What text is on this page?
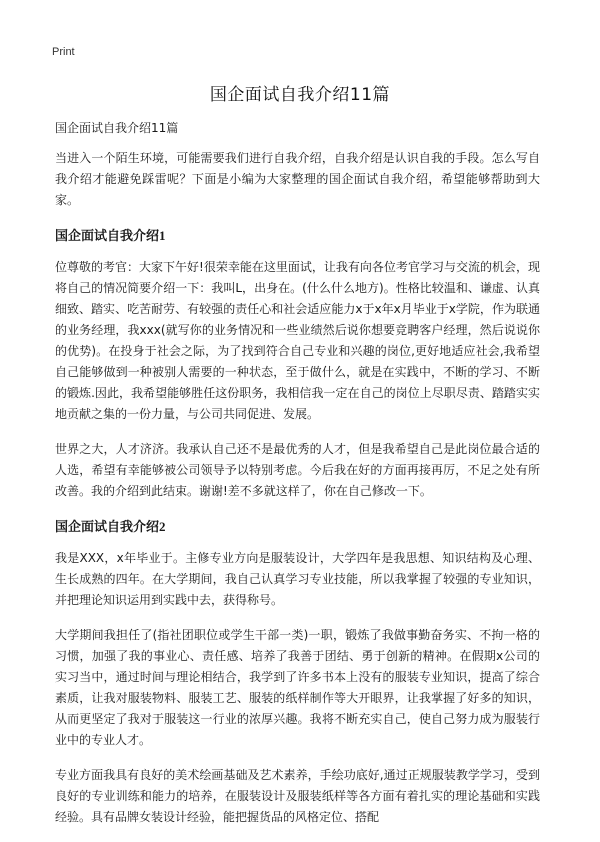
Print
国企面试自我介绍11篇

国企面试自我介绍11篇

当进入一个陌生环境，可能需要我们进行自我介绍，自我介绍是认识自我的手段。怎么写自我介绍才能避免踩雷呢？下面是小编为大家整理的国企面试自我介绍，希望能够帮助到大家。

国企面试自我介绍1

位尊敬的考官：大家下午好!很荣幸能在这里面试，让我有向各位考官学习与交流的机会，现将自己的情况简要介绍一下：我叫L，出身在。(什么什么地方)。性格比较温和、谦虚、认真细致、踏实、吃苦耐劳、有较强的责任心和社会适应能力x于x年x月毕业于x学院，作为联通的业务经理，我xxx(就写你的业务情况和一些业绩然后说你想要竞聘客户经理，然后说说你的优势)。在投身于社会之际，为了找到符合自己专业和兴趣的岗位,更好地适应社会,我希望自己能够做到一种被别人需要的一种状态，至于做什么，就是在实践中，不断的学习、不断的锻炼.因此，我希望能够胜任这份职务，我相信我一定在自己的岗位上尽职尽责、踏踏实实地贡献之集的一份力量，与公司共同促进、发展。

世界之大，人才济济。我承认自己还不是最优秀的人才，但是我希望自己是此岗位最合适的人选，希望有幸能够被公司领导予以特别考虑。今后我在好的方面再接再厉，不足之处有所改善。我的介绍到此结束。谢谢!差不多就这样了，你在自己修改一下。

国企面试自我介绍2

我是XXX，x年毕业于。主修专业方向是服装设计，大学四年是我思想、知识结构及心理、生长成熟的四年。在大学期间，我自己认真学习专业技能，所以我掌握了较强的专业知识，并把理论知识运用到实践中去，获得称号。

大学期间我担任了(指社团职位或学生干部一类)一职，锻炼了我做事勤奋务实、不拘一格的习惯，加强了我的事业心、责任感、培养了我善于团结、勇于创新的精神。在假期x公司的实习当中，通过时间与理论相结合，我学到了许多书本上没有的服装专业知识，提高了综合素质，让我对服装物料、服装工艺、服装的纸样制作等大开眼界，让我掌握了好多的知识，从而更坚定了我对于服装这一行业的浓厚兴趣。我将不断充实自己，使自己努力成为服装行业中的专业人才。

专业方面我具有良好的美术绘画基础及艺术素养，手绘功底好,通过正规服装教学学习，受到良好的专业训练和能力的培养，在服装设计及服装纸样等各方面有着扎实的理论基础和实践经验。具有品牌女装设计经验，能把握货品的风格定位、搭配
